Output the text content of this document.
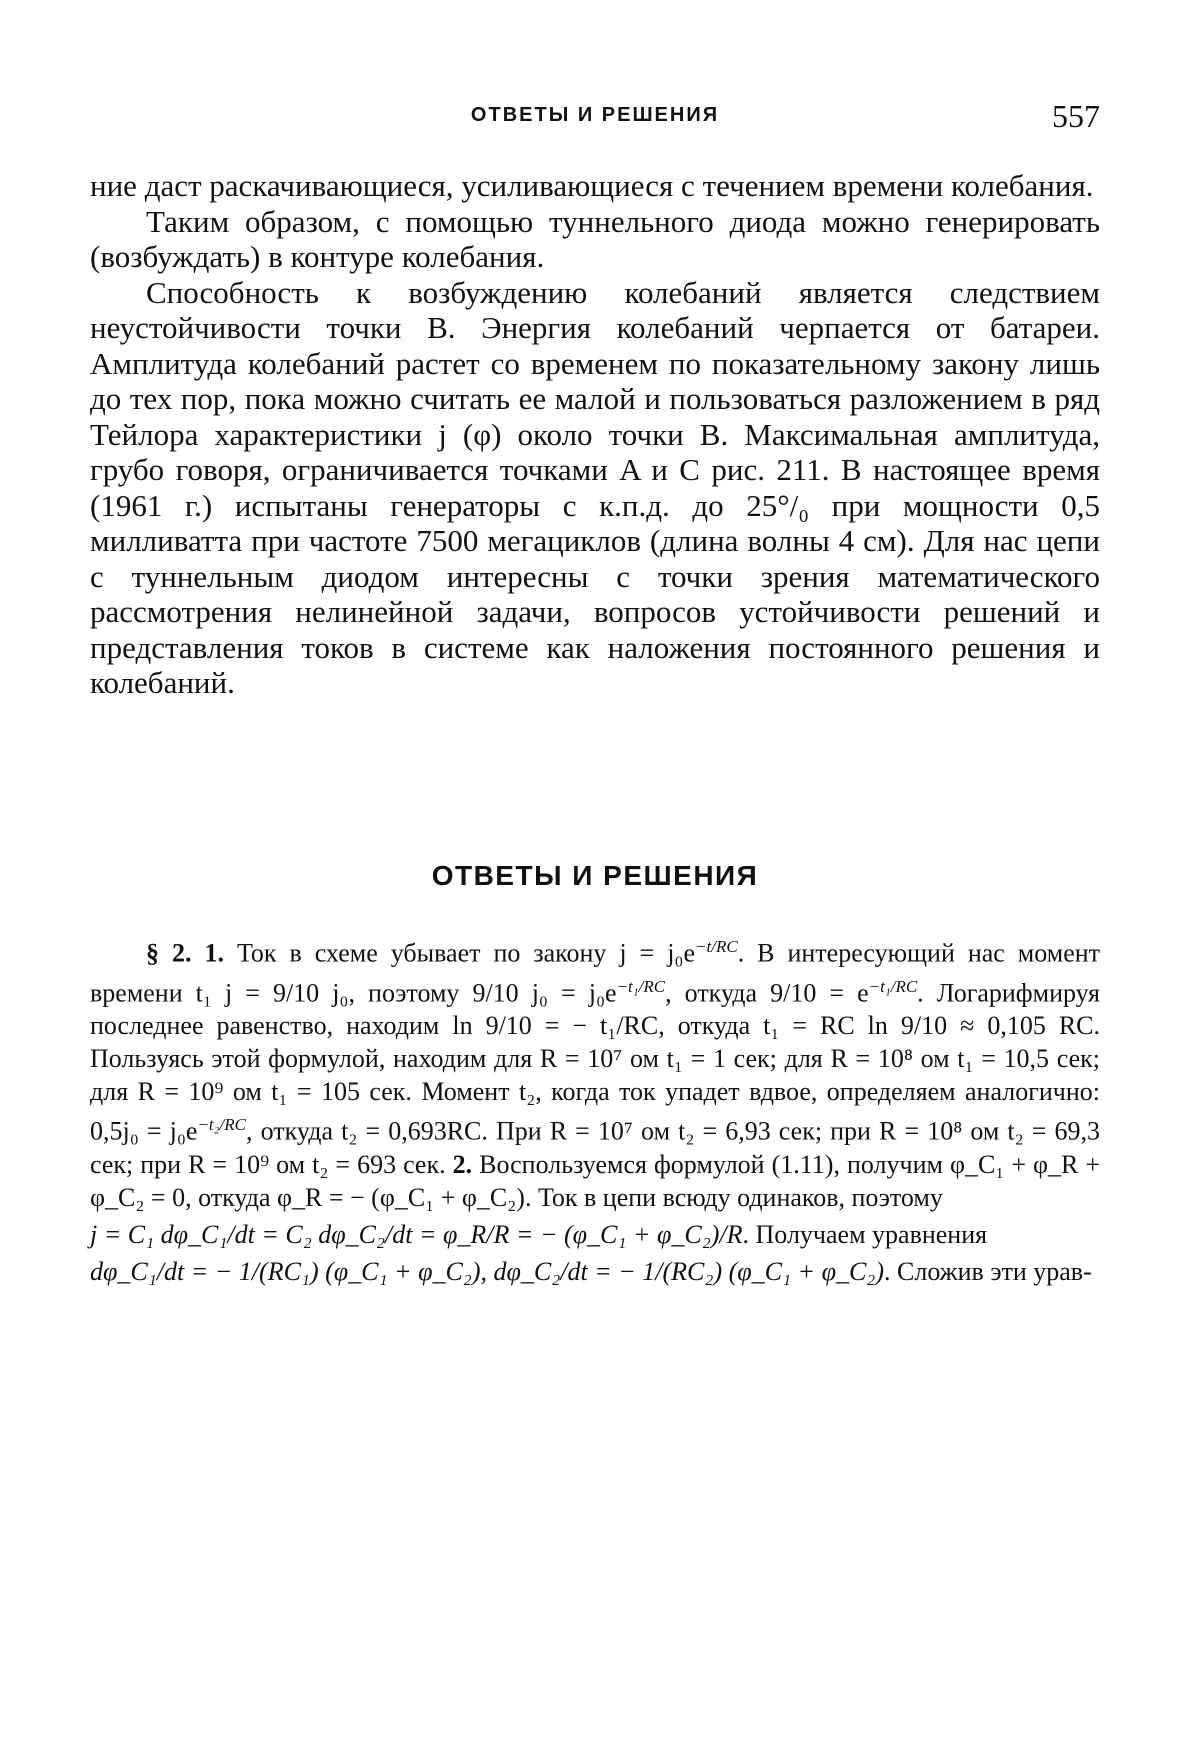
ОТВЕТЫ И РЕШЕНИЯ	557

ние даст раскачивающиеся, усиливающиеся с течением времени колебания.

Таким образом, с помощью туннельного диода можно генерировать (возбуждать) в контуре колебания.

Способность к возбуждению колебаний является следствием неустойчивости точки B. Энергия колебаний черпается от батареи. Амплитуда колебаний растет со временем по показательному закону лишь до тех пор, пока можно считать ее малой и пользоваться разложением в ряд Тейлора характеристики j (φ) около точки B. Максимальная амплитуда, грубо говоря, ограничивается точками A и C рис. 211. В настоящее время (1961 г.) испытаны генераторы с к.п.д. до 25°/₀ при мощности 0,5 милливатта при частоте 7500 мегациклов (длина волны 4 см). Для нас цепи с туннельным диодом интересны с точки зрения математического рассмотрения нелинейной задачи, вопросов устойчивости решений и представления токов в системе как наложения постоянного решения и колебаний.

ОТВЕТЫ И РЕШЕНИЯ

§ 2. 1. Ток в схеме убывает по закону $j = j_0e^{-t/RC}$. В интересующий нас момент времени t₁ j = 9/10 j₀, поэтому 9/10 $j_0 = j_0e^{-t_1/RC}$, откуда $9/10 = e^{-t_1/RC}$. Логарифмируя последнее равенство, находим ln 9/10 = − t₁/RC, откуда t₁ = RC ln 9/10 ≈ 0,105 RC. Пользуясь этой формулой, находим для R = 10⁷ ом t₁ = 1 сек; для R = 10⁸ ом t₁ = 10,5 сек; для R = 10⁹ ом t₁ = 105 сек. Момент t₂, когда ток упадет вдвое, определяем аналогично: $0,5j_0 = j_0e^{-t_2/RC}$, откуда t₂ = 0,693RC. При R = 10⁷ ом t₂ = 6,93 сек; при R = 10⁸ ом t₂ = 69,3 сек; при R = 10⁹ ом t₂ = 693 сек. 2. Воспользуемся формулой (1.11), получим φ_C₁ + φ_R + φ_C₂ = 0, откуда φ_R = − (φ_C₁ + φ_C₂). Ток в цепи всюду одинаков, поэтому

j = C₁ dφ_C₁/dt = C₂ dφ_C₂/dt = φ_R/R = − (φ_C₁ + φ_C₂)/R. Получаем уравнения

dφ_C₁/dt = − 1/(RC₁) (φ_C₁ + φ_C₂), dφ_C₂/dt = − 1/(RC₂) (φ_C₁ + φ_C₂). Сложив эти урав-
